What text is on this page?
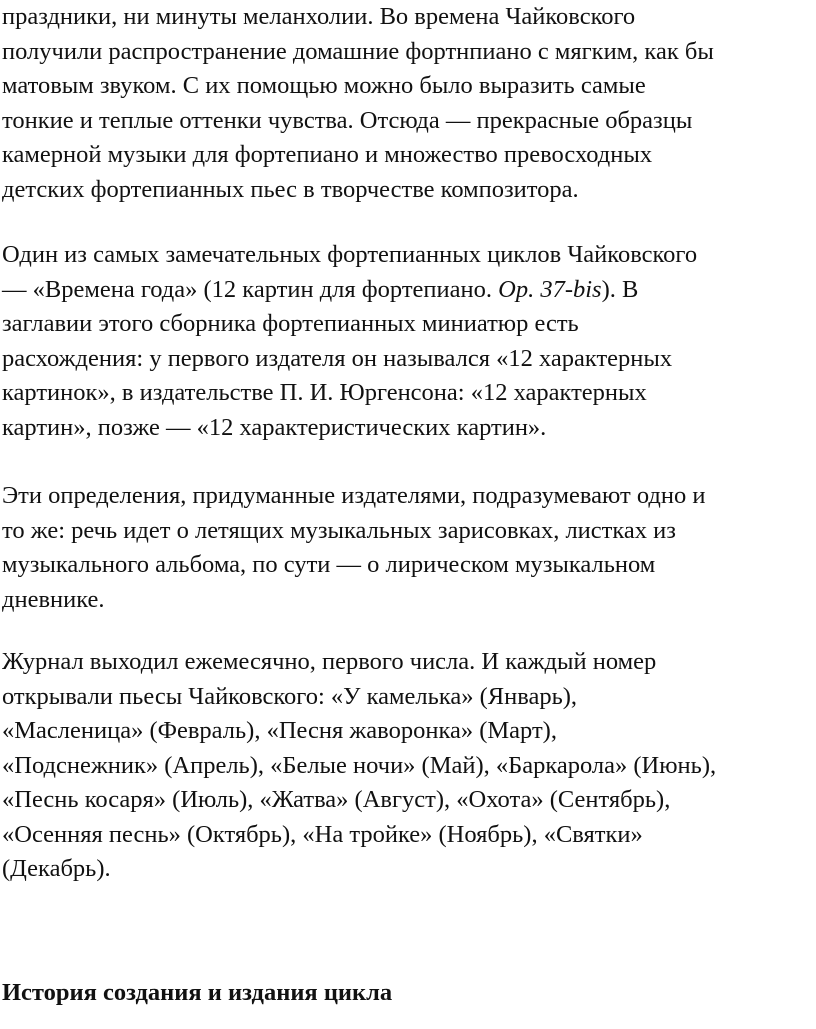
праздники, ни минуты меланхолии. Во времена Чайковского
получили распространение домашние фортнпиано с мягким, как бы
матовым звуком. С их помощью можно было выразить самые
тонкие и теплые оттенки чувства. Отсюда — прекрасные образцы
камерной музыки для фортепиано и множество превосходных
детских фортепианных пьес в творчестве композитора.

Один из самых замечательных фортепианных циклов Чайковского
— «Времена года» (12 картин для фортепиано. Op. 37-bis). В
заглавии этого сборника фортепианных миниатюр есть
расхождения: у первого издателя он назывался «12 характерных
картинок», в издательстве П. И. Юргенсона: «12 характерных
картин», позже — «12 характеристических картин».

Эти определения, придуманные издателями, подразумевают одно и
то же: речь идет о летящих музыкальных зарисовках, листках из
музыкального альбома, по сути — о лирическом музыкальном
дневнике.

Журнал выходил ежемесячно, первого числа. И каждый номер
открывали пьесы Чайковского: «У камелька» (Январь),
«Масленица» (Февраль), «Песня жаворонка» (Март),
«Подснежник» (Апрель), «Белые ночи» (Май), «Баркарола» (Июнь),
«Песнь косаря» (Июль), «Жатва» (Август), «Охота» (Сентябрь),
«Осенняя песнь» (Октябрь), «На тройке» (Ноябрь), «Святки»
(Декабрь).

История создания и издания цикла
